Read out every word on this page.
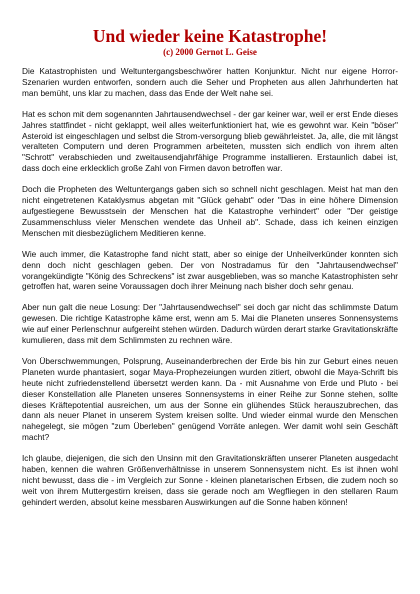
Und wieder keine Katastrophe!
(c) 2000 Gernot L. Geise

Die Katastrophisten und Weltuntergangsbeschwörer hatten Konjunktur. Nicht nur eigene Horror-Szenarien wurden entworfen, sondern auch die Seher und Propheten aus allen Jahrhunderten hat man bemüht, uns klar zu machen, dass das Ende der Welt nahe sei.

Hat es schon mit dem sogenannten Jahrtausendwechsel - der gar keiner war, weil er erst Ende dieses Jahres stattfindet - nicht geklappt, weil alles weiterfunktioniert hat, wie es gewohnt war. Kein "böser" Asteroid ist eingeschlagen und selbst die Strom-versorgung blieb gewährleistet. Ja, alle, die mit längst veralteten Computern und deren Programmen arbeiteten, mussten sich endlich von ihrem alten "Schrott" verabschieden und zweitausendjahrfähige Programme installieren. Erstaunlich dabei ist, dass doch eine erklecklich große Zahl von Firmen davon betroffen war.

Doch die Propheten des Weltuntergangs gaben sich so schnell nicht geschlagen. Meist hat man den nicht eingetretenen Kataklysmus abgetan mit "Glück gehabt" oder "Das in eine höhere Dimension aufgestiegene Bewusstsein der Menschen hat die Katastrophe verhindert" oder "Der geistige Zusammenschluss vieler Menschen wendete das Unheil ab". Schade, dass ich keinen einzigen Menschen mit diesbezüglichem Meditieren kenne.

Wie auch immer, die Katastrophe fand nicht statt, aber so einige der Unheilverkünder konnten sich denn doch nicht geschlagen geben. Der von Nostradamus für den "Jahrtausendwechsel" vorangekündigte "König des Schreckens" ist zwar ausgeblieben, was so manche Katastrophisten sehr getroffen hat, waren seine Voraussagen doch ihrer Meinung nach bisher doch sehr genau.

Aber nun galt die neue Losung: Der "Jahrtausendwechsel" sei doch gar nicht das schlimmste Datum gewesen. Die richtige Katastrophe käme erst, wenn am 5. Mai die Planeten unseres Sonnensystems wie auf einer Perlenschnur aufgereiht stehen würden. Dadurch würden derart starke Gravitationskräfte kumulieren, dass mit dem Schlimmsten zu rechnen wäre.

Von Überschwemmungen, Polsprung, Auseinanderbrechen der Erde bis hin zur Geburt eines neuen Planeten wurde phantasiert, sogar Maya-Prophezeiungen wurden zitiert, obwohl die Maya-Schrift bis heute nicht zufriedenstellend übersetzt werden kann. Da - mit Ausnahme von Erde und Pluto - bei dieser Konstellation alle Planeten unseres Sonnensystems in einer Reihe zur Sonne stehen, sollte dieses Kräftepotential ausreichen, um aus der Sonne ein glühendes Stück herauszubrechen, das dann als neuer Planet in unserem System kreisen sollte. Und wieder einmal wurde den Menschen nahegelegt, sie mögen "zum Überleben" genügend Vorräte anlegen. Wer damit wohl sein Geschäft macht?

Ich glaube, diejenigen, die sich den Unsinn mit den Gravitationskräften unserer Planeten ausgedacht haben, kennen die wahren Größenverhältnisse in unserem Sonnensystem nicht. Es ist ihnen wohl nicht bewusst, dass die - im Vergleich zur Sonne - kleinen planetarischen Erbsen, die zudem noch so weit von ihrem Muttergestirn kreisen, dass sie gerade noch am Wegfliegen in den stellaren Raum gehindert werden, absolut keine messbaren Auswirkungen auf die Sonne haben können!
